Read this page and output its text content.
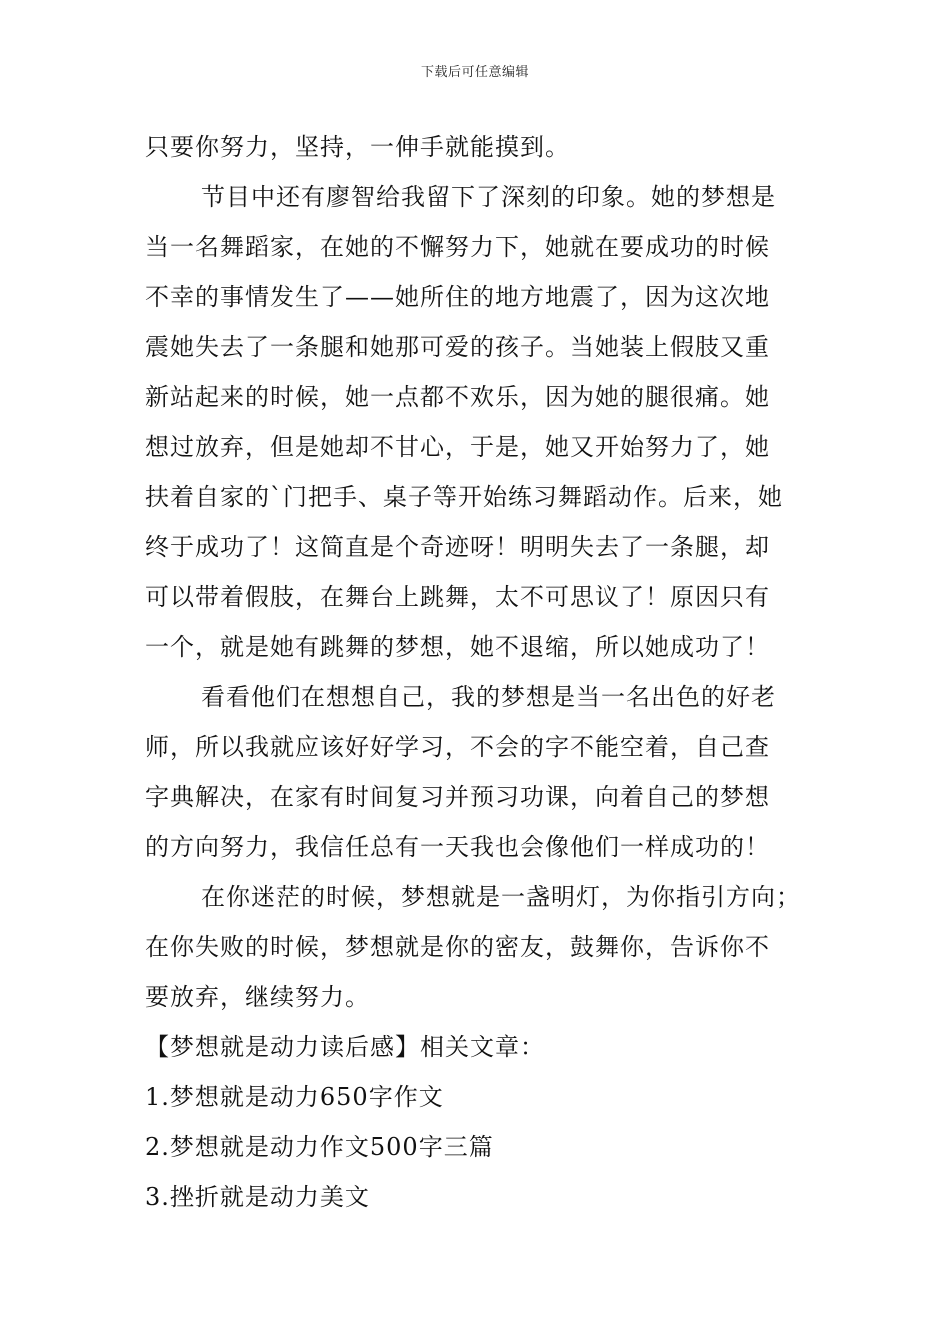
下载后可任意编辑
只要你努力，坚持，一伸手就能摸到。
节目中还有廖智给我留下了深刻的印象。她的梦想是
当一名舞蹈家，在她的不懈努力下，她就在要成功的时候
不幸的事情发生了——她所住的地方地震了，因为这次地
震她失去了一条腿和她那可爱的孩子。当她装上假肢又重
新站起来的时候，她一点都不欢乐，因为她的腿很痛。她
想过放弃，但是她却不甘心，于是，她又开始努力了，她
扶着自家的`门把手、桌子等开始练习舞蹈动作。后来，她
终于成功了！这简直是个奇迹呀！明明失去了一条腿，却
可以带着假肢，在舞台上跳舞，太不可思议了！原因只有
一个，就是她有跳舞的梦想，她不退缩，所以她成功了！
看看他们在想想自己，我的梦想是当一名出色的好老
师，所以我就应该好好学习，不会的字不能空着，自己查
字典解决，在家有时间复习并预习功课，向着自己的梦想
的方向努力，我信任总有一天我也会像他们一样成功的！
在你迷茫的时候，梦想就是一盏明灯，为你指引方向；
在你失败的时候，梦想就是你的密友，鼓舞你，告诉你不
要放弃，继续努力。
【梦想就是动力读后感】相关文章：
1.梦想就是动力650字作文
2.梦想就是动力作文500字三篇
3.挫折就是动力美文
